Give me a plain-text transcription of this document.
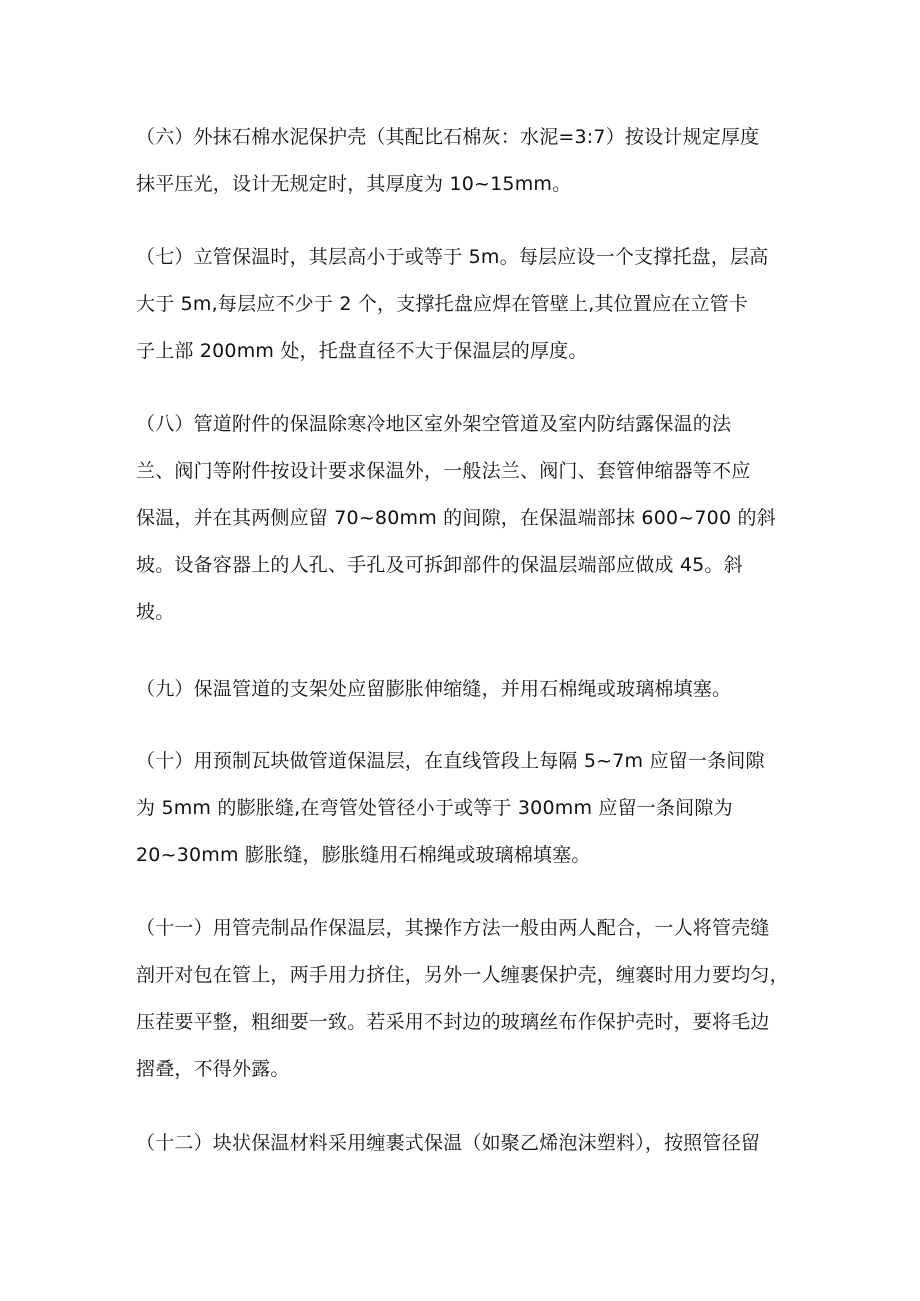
（六）外抹石棉水泥保护壳（其配比石棉灰：水泥=3:7）按设计规定厚度
抹平压光，设计无规定时，其厚度为 10~15mm。

（七）立管保温时，其层高小于或等于 5m。每层应设一个支撑托盘，层高
大于 5m,每层应不少于 2 个，支撑托盘应焊在管壁上,其位置应在立管卡
子上部 200mm 处，托盘直径不大于保温层的厚度。

（八）管道附件的保温除寒冷地区室外架空管道及室内防结露保温的法
兰、阀门等附件按设计要求保温外，一般法兰、阀门、套管伸缩器等不应
保温，并在其两侧应留 70~80mm 的间隙，在保温端部抹 600~700 的斜
坡。设备容器上的人孔、手孔及可拆卸部件的保温层端部应做成 45。斜
坡。

（九）保温管道的支架处应留膨胀伸缩缝，并用石棉绳或玻璃棉填塞。

（十）用预制瓦块做管道保温层，在直线管段上每隔 5~7m 应留一条间隙
为 5mm 的膨胀缝,在弯管处管径小于或等于 300mm 应留一条间隙为
20~30mm 膨胀缝，膨胀缝用石棉绳或玻璃棉填塞。

（十一）用管壳制品作保温层，其操作方法一般由两人配合，一人将管壳缝
剖开对包在管上，两手用力挤住，另外一人缠裹保护壳，缠褰时用力要均匀，
压茬要平整，粗细要一致。若采用不封边的玻璃丝布作保护壳时，要将毛边
摺叠，不得外露。

（十二）块状保温材料采用缠裹式保温（如聚乙烯泡沫塑料），按照管径留
